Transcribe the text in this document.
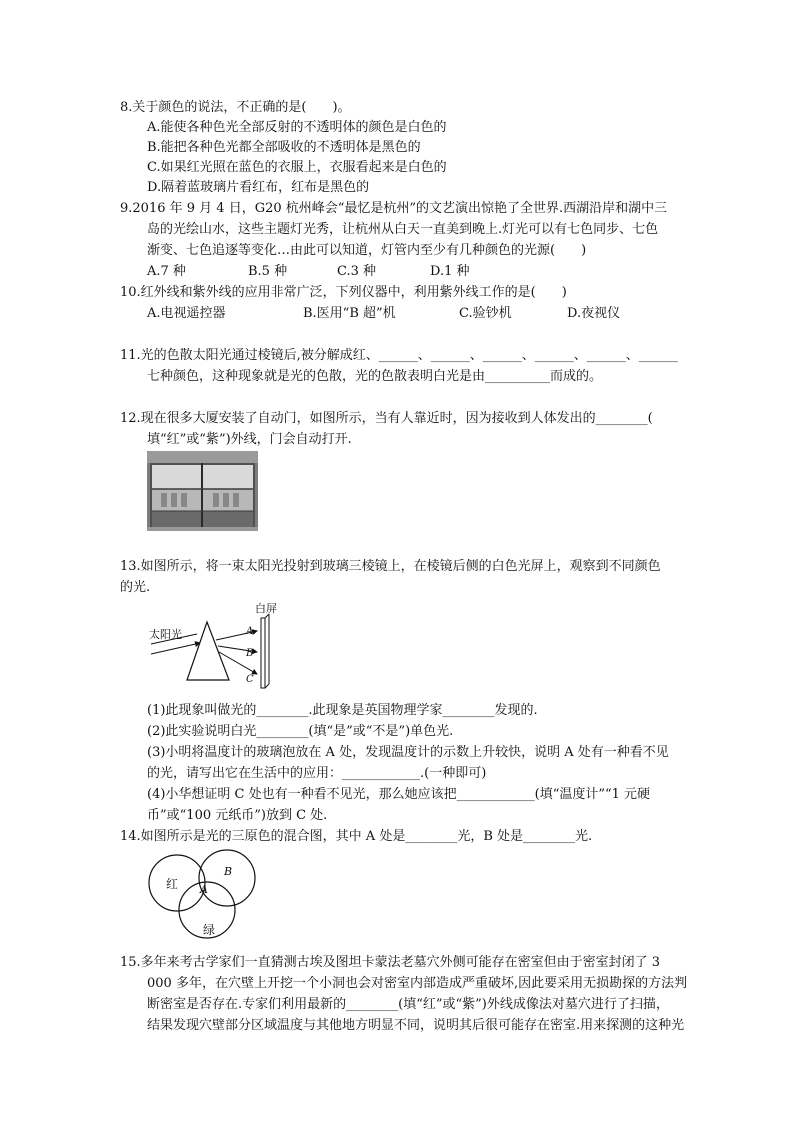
8.关于颜色的说法，不正确的是(　　)。
A.能使各种色光全部反射的不透明体的颜色是白色的
B.能把各种色光都全部吸收的不透明体是黑色的
C.如果红光照在蓝色的衣服上，衣服看起来是白色的
D.隔着蓝玻璃片看红布，红布是黑色的
9.2016 年 9 月 4 日，G20 杭州峰会“最忆是杭州”的文艺演出惊艳了全世界.西湖沿岸和湖中三
岛的光绘山水，这些主题灯光秀，让杭州从白天一直美到晚上.灯光可以有七色同步、七色
渐变、七色追逐等变化…由此可以知道，灯管内至少有几种颜色的光源(　　)
A.7 种	B.5 种	C.3 种	D.1 种
10.红外线和紫外线的应用非常广泛，下列仪器中，利用紫外线工作的是(　　)
A.电视遥控器	B.医用“B 超”机	C.验钞机	D.夜视仪
11.光的色散太阳光通过棱镜后,被分解成红、______、______、______、______、______、______
七种颜色，这种现象就是光的色散，光的色散表明白光是由__________而成的。
12.现在很多大厦安装了自动门，如图所示，当有人靠近时，因为接收到人体发出的________(
填“红”或“紫”)外线，门会自动打开.
13.如图所示，将一束太阳光投射到玻璃三棱镜上，在棱镜后侧的白色光屏上，观察到不同颜色
的光.
白屏
太阳光	A
B
C
(1)此现象叫做光的________.此现象是英国物理学家________发现的.
(2)此实验说明白光________(填“是”或“不是”)单色光.
(3)小明将温度计的玻璃泡放在 A 处，发现温度计的示数上升较快，说明 A 处有一种看不见
的光，请写出它在生活中的应用：____________.(一种即可)
(4)小华想证明 C 处也有一种看不见光，那么她应该把____________(填“温度计”“1 元硬
币”或“100 元纸币”)放到 C 处.
14.如图所示是光的三原色的混合图，其中 A 处是________光，B 处是________光.
红
绿
A
B
15.多年来考古学家们一直猜测古埃及图坦卡蒙法老墓穴外侧可能存在密室但由于密室封闭了 3
000 多年，在穴壁上开挖一个小洞也会对密室内部造成严重破坏,因此要采用无损勘探的方法判
断密室是否存在.专家们利用最新的________(填“红”或“紫”)外线成像法对墓穴进行了扫描，
结果发现穴壁部分区域温度与其他地方明显不同，说明其后很可能存在密室.用来探测的这种光
